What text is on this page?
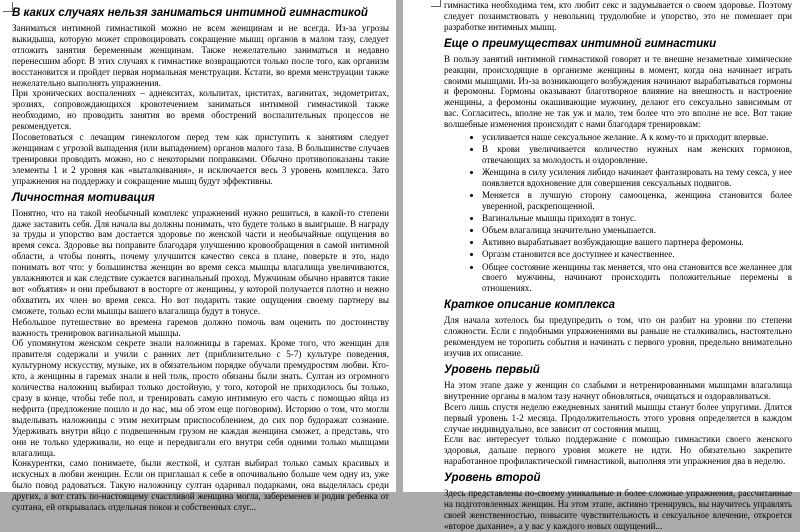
В каких случаях нельзя заниматься интимной гимнастикой

Заниматься интимной гимнастикой можно не всем женщинам и не всегда. Из-за угрозы выкидыша, которую может спровоцировать сокращение мышц органов в малом тазу, следует отложить занятия беременным женщинам. Также нежелательно заниматься и недавно перенесшим аборт. В этих случаях к гимнастике возвращаются только после того, как организм восстановится и пройдет первая нормальная менструация. Кстати, во время менструации также нежелательно выполнять упражнения.

При хронических воспалениях – аднекситах, кольпитах, циститах, вагинитах, эндометритах, эрозиях, сопровождающихся кровотечением заниматься интимной гимнастикой также необходимо, но проводить занятия во время обострений воспалительных процессов не рекомендуется.

Посоветоваться с лечащим гинекологом перед тем как приступить к занятиям следует женщинам с угрозой выпадения (или выпадением) органов малого таза. В большинстве случаев тренировки проводить можно, но с некоторыми поправками. Обычно противопоказаны такие элементы 1 и 2 уровня как «выталкивания», и исключается весь 3 уровень комплекса. Зато упражнения на поддержку и сокращение мышц будут эффективны.

Личностная мотивация

Понятно, что на такой необычный комплекс упражнений нужно решиться, в какой-то степени даже заставить себя. Для начала вы должны понимать, что будете только в выигрыше. В награду за труды и упорство вам достается здоровье по женской части и необычайные ощущения во время секса. Здоровье вы поправите благодаря улучшению кровообращения в самой интимной области, а чтобы понять, почему улучшится качество секса в плане, поверьте в это, надо понимать вот что: у большинства женщин во время секса мышцы влагалища увеличиваются, увлажняются и как следствие сужается вагинальный проход. Мужчинам обычно нравятся такие вот «объятия» и они пребывают в восторге от женщины, у которой получается плотно и нежно обхватить их член во время секса. Но вот подарить такие ощущения своему партнеру вы сможете, только если мышцы вашего влагалища будут в тонусе.

Небольшое путешествие во времена гаремов должно помочь вам оценить по достоинству важность тренировок вагинальной мышцы.

Об упомянутом женском секрете знали наложницы в гаремах. Кроме того, что женщин для правителя содержали и учили с ранних лет (приблизительно с 5-7) культуре поведения, культурному искусству, музыке, их в обязательном порядке обучали премудростям любви. Кто-кто, а женщины в гаремах знали в ней толк, просто обязаны были знать. Султан из огромного количества наложниц выбирал только достойную, у того, которой не приходилось бы только, сразу в конце, чтобы тебе пол, и тренировать самую интимную его часть с помощью яйца из нефрита (предложение пошло и до нас, мы об этом еще поговорим). Историю о том, что могли выделывать наложницы с этим нехитрым приспособлением, до сих пор будоражат сознание. Удерживать внутри яйцо с подвешенным грузом не каждая женщина сможет, а представь, что они не только удерживали, но еще и передвигали его внутри себя одними только мышцами влагалища.

Конкурентки, само понимаете, были жесткой, и султан выбирал только самых красивых и искусных в любви женщин. Если он приглашал к себе в опочивальню больше чем одну из, уже было повод радоваться. Такую наложницу султан одаривал подарками, она выделялась среди других, а вот стать по-настоящему счастливой женщина могла, забеременев и родив ребенка от султана, ей открывалась отдельная покои и собственных слуг...

гимнастика необходима тем, кто любит секс и задумывается о своем здоровье. Поэтому следует позаимствовать у невольниц трудолюбие и упорство, это не помешает при разработке интимных мышц.

Еще о преимуществах интимной гимнастики

В пользу занятий интимной гимнастикой говорят и те внешне незаметные химические реакции, происходящие в организме женщины в момент, когда она начинает играть своими мышцами. Из-за возникающего возбуждения начинают вырабатываться гормоны и феромоны. Гормоны оказывают благотворное влияние на внешность и настроение женщины, а феромоны окашивающие мужчину, делают его сексуально зависимым от вас. Согласитесь, вполне не так уж и мало, тем более что это вполне не все. Вот такие волшебные изменения происходят с нами благодаря тренировкам:

• усиливается наше сексуальное желание. А к кому-то и приходит впервые.
• В крови увеличивается количество нужных нам женских гормонов, отвечающих за молодость и оздоровление.
• Женщина в силу усиления либидо начинает фантазировать на тему секса, у нее появляется вдохновение для совершения сексуальных подвигов.
• Меняется в лучшую сторону самооценка, женщина становится более уверенной, раскрепощенной.
• Вагинальные мышцы приходят в тонус.
• Объем влагалища значительно уменьшается.
• Активно вырабатывает возбуждающие вашего партнера феромоны.
• Оргазм становится все доступнее и качественнее.
• Общее состояние женщины так меняется, что она становится все желаннее для своего мужчины, начинают происходить положительные перемены в отношениях.
Краткое описание комплекса

Для начала хотелось бы предупредить о том, что он разбит на уровни по степени сложности. Если с подобными упражнениями вы раньше не сталкивались, настоятельно рекомендуем не торопить события и начинать с первого уровня, предельно внимательно изучив их описание.

Уровень первый

На этом этапе даже у женщин со слабыми и нетренированными мышцами влагалища внутренние органы в малом тазу начнут обновляться, очищаться и оздоравливаться.

Всего лишь спустя неделю ежедневных занятий мышцы станут более упругими. Длится первый уровень 1-2 месяца. Продолжительность этого уровня определяется в каждом случае индивидуально, все зависит от состояния мышц.

Если вас интересует только поддержание с помощью гимнастики своего женского здоровья, дальше первого уровня можете не идти. Но обязательно закрепите наработанное профилактической гимнастикой, выполняя эти упражнения два в неделю.

Уровень второй

Здесь представлены по-своему уникальные и более сложные упражнения, рассчитанные на подготовленных женщин. На этом этапе, активно тренируясь, вы научитесь управлять своей женственностью, повысите чувствительность и сексуальное влечение, откроется «второе дыхание», а у вас у каждого новых ощущений...
